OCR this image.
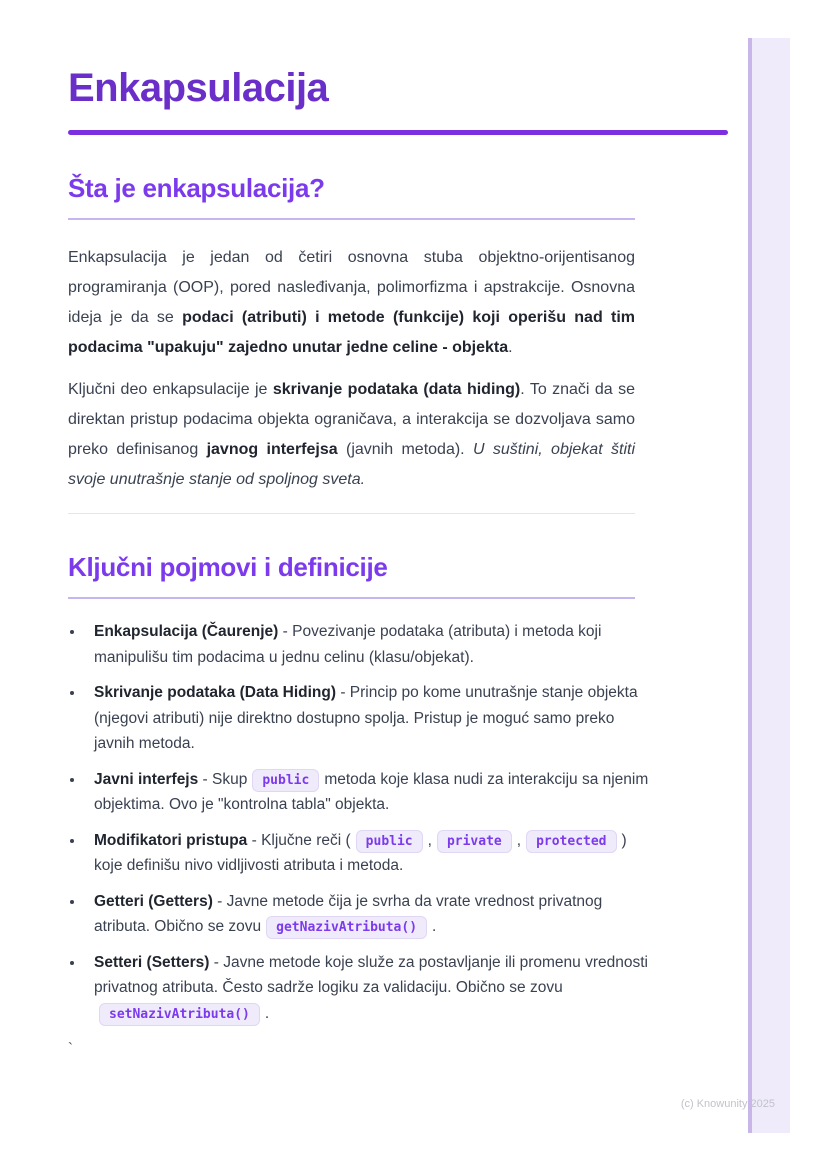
Enkapsulacija
Šta je enkapsulacija?

Enkapsulacija je jedan od četiri osnovna stuba objektno-orijentisanog programiranja (OOP), pored nasleđivanja, polimorfizma i apstrakcije. Osnovna ideja je da se podaci (atributi) i metode (funkcije) koji operišu nad tim podacima "upakuju" zajedno unutar jedne celine - objekta.

Ključni deo enkapsulacije je skrivanje podataka (data hiding). To znači da se direktan pristup podacima objekta ograničava, a interakcija se dozvoljava samo preko definisanog javnog interfejsa (javnih metoda). U suštini, objekat štiti svoje unutrašnje stanje od spoljnog sveta.

Ključni pojmovi i definicije
• Enkapsulacija (Čaurenje) - Povezivanje podataka (atributa) i metoda koji manipulišu tim podacima u jednu celinu (klasu/objekat).
• Skrivanje podataka (Data Hiding) - Princip po kome unutrašnje stanje objekta (njegovi atributi) nije direktno dostupno spolja. Pristup je moguć samo preko javnih metoda.
• Javni interfejs - Skup public metoda koje klasa nudi za interakciju sa njenim objektima. Ovo je "kontrolna tabla" objekta.
• Modifikatori pristupa - Ključne reči ( public , private , protected ) koje definišu nivo vidljivosti atributa i metoda.
• Getteri (Getters) - Javne metode čija je svrha da vrate vrednost privatnog atributa. Obično se zovu getNazivAtributa() .
• Setteri (Setters) - Javne metode koje služe za postavljanje ili promenu vrednosti privatnog atributa. Često sadrže logiku za validaciju. Obično se zovusetNazivAtributa() .
`
(c) Knowunity 2025
